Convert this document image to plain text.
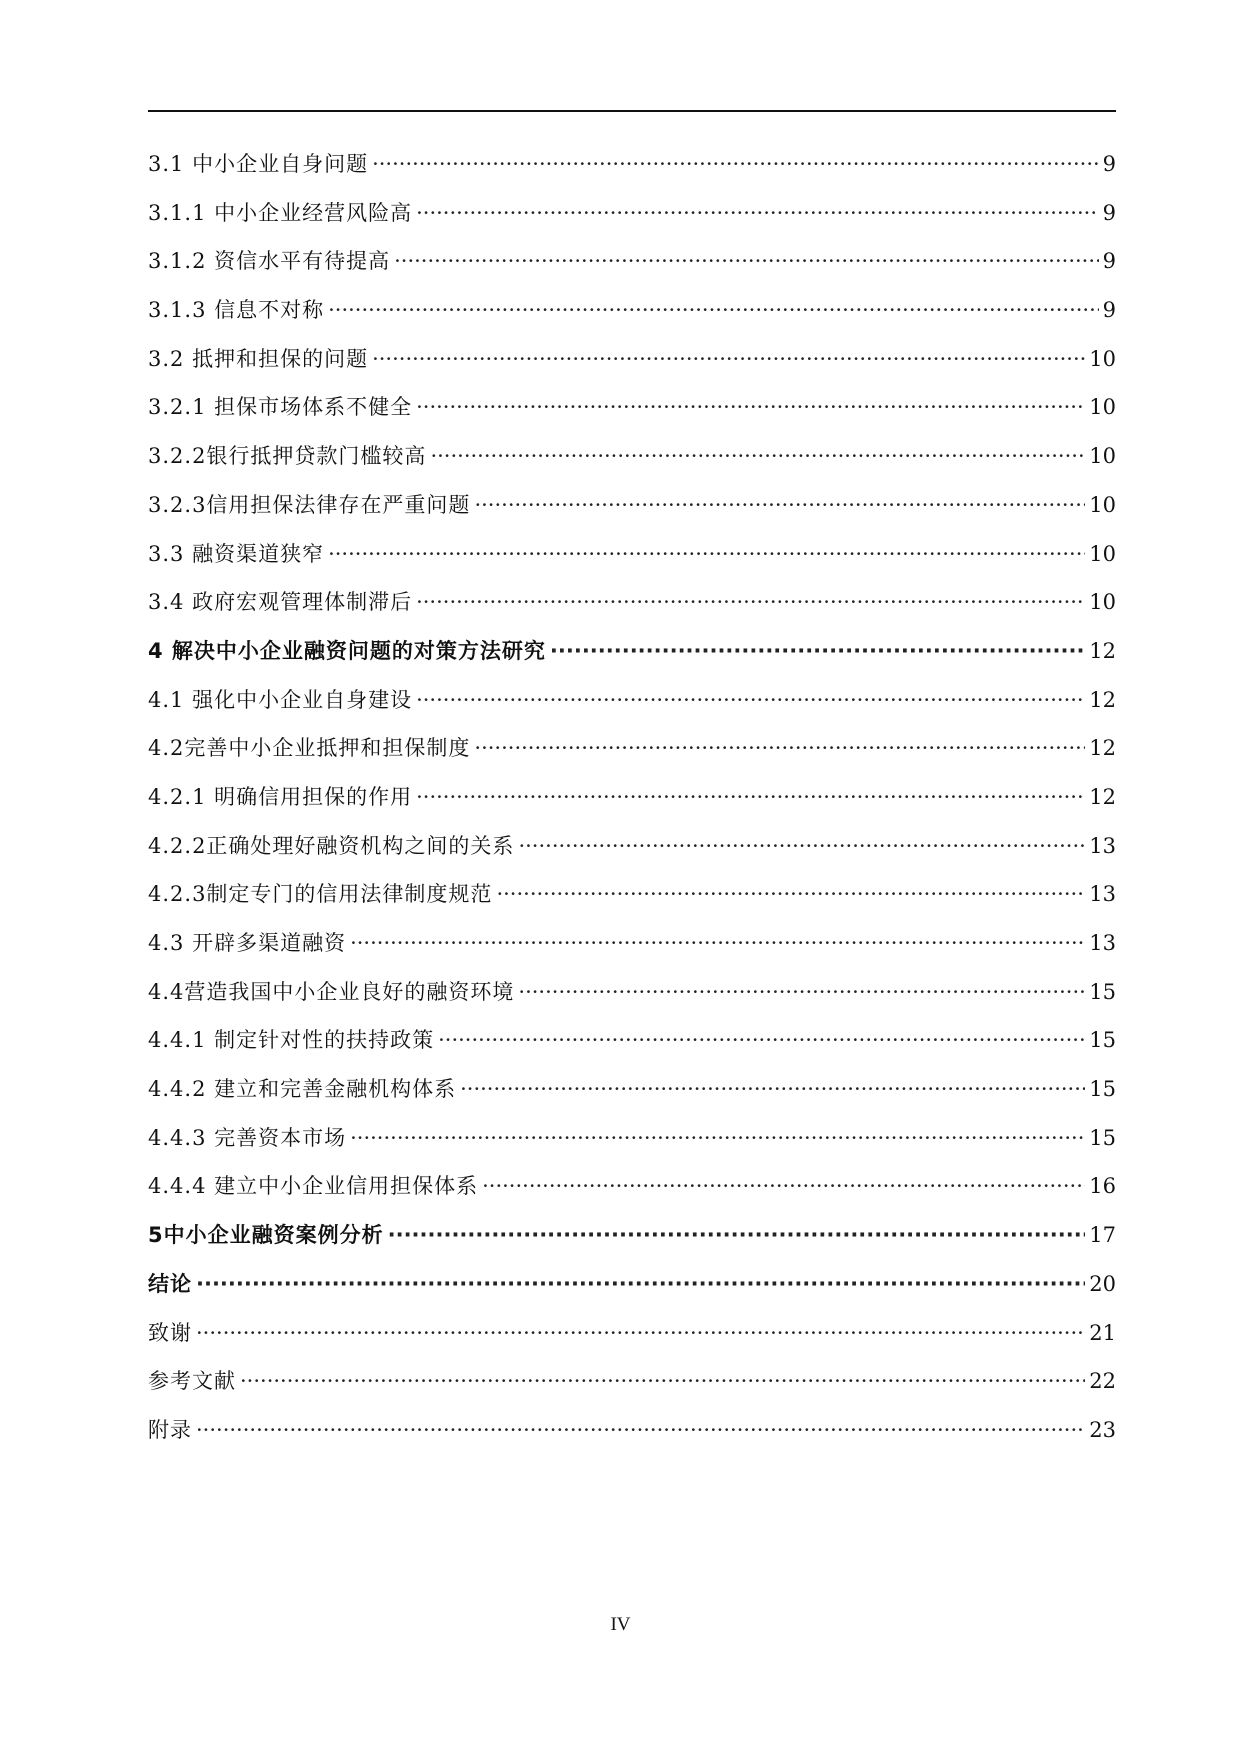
3.1 中小企业自身问题 ·····	9
3.1.1 中小企业经营风险高 ·····	9
3.1.2 资信水平有待提高 ·····	9
3.1.3 信息不对称 ·····	9
3.2 抵押和担保的问题 ·····	10
3.2.1 担保市场体系不健全 ·····	10
3.2.2银行抵押贷款门槛较高 ·····	10
3.2.3信用担保法律存在严重问题 ·····	10
3.3 融资渠道狭窄 ·····	10
3.4 政府宏观管理体制滞后 ·····	10
4 解决中小企业融资问题的对策方法研究 ·····	12
4.1 强化中小企业自身建设 ·····	12
4.2完善中小企业抵押和担保制度 ·····	12
4.2.1 明确信用担保的作用 ·····	12
4.2.2正确处理好融资机构之间的关系 ·····	13
4.2.3制定专门的信用法律制度规范 ·····	13
4.3 开辟多渠道融资 ·····	13
4.4营造我国中小企业良好的融资环境 ·····	15
4.4.1 制定针对性的扶持政策 ·····	15
4.4.2 建立和完善金融机构体系 ·····	15
4.4.3 完善资本市场 ·····	15
4.4.4 建立中小企业信用担保体系 ·····	16
5中小企业融资案例分析 ·····	17
结论 ·····	20
致谢 ·····	21
参考文献 ·····	22
附录 ·····	23
IV
